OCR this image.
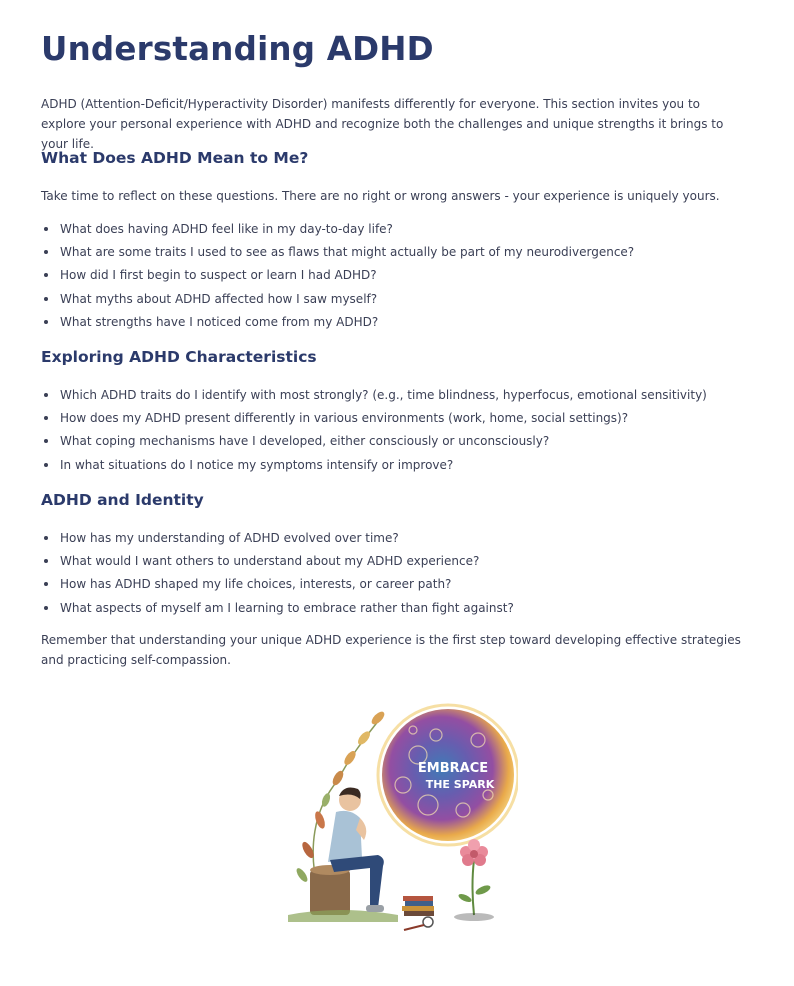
Understanding ADHD

ADHD (Attention-Deficit/Hyperactivity Disorder) manifests differently for everyone. This section invites you to explore your personal experience with ADHD and recognize both the challenges and unique strengths it brings to your life.

What Does ADHD Mean to Me?

Take time to reflect on these questions. There are no right or wrong answers - your experience is uniquely yours.

What does having ADHD feel like in my day-to-day life?
What are some traits I used to see as flaws that might actually be part of my neurodivergence?
How did I first begin to suspect or learn I had ADHD?
What myths about ADHD affected how I saw myself?
What strengths have I noticed come from my ADHD?
Exploring ADHD Characteristics
Which ADHD traits do I identify with most strongly? (e.g., time blindness, hyperfocus, emotional sensitivity)
How does my ADHD present differently in various environments (work, home, social settings)?
What coping mechanisms have I developed, either consciously or unconsciously?
In what situations do I notice my symptoms intensify or improve?
ADHD and Identity
How has my understanding of ADHD evolved over time?
What would I want others to understand about my ADHD experience?
How has ADHD shaped my life choices, interests, or career path?
What aspects of myself am I learning to embrace rather than fight against?

Remember that understanding your unique ADHD experience is the first step toward developing effective strategies and practicing self-compassion.

EMBRACE
THE SPARK
